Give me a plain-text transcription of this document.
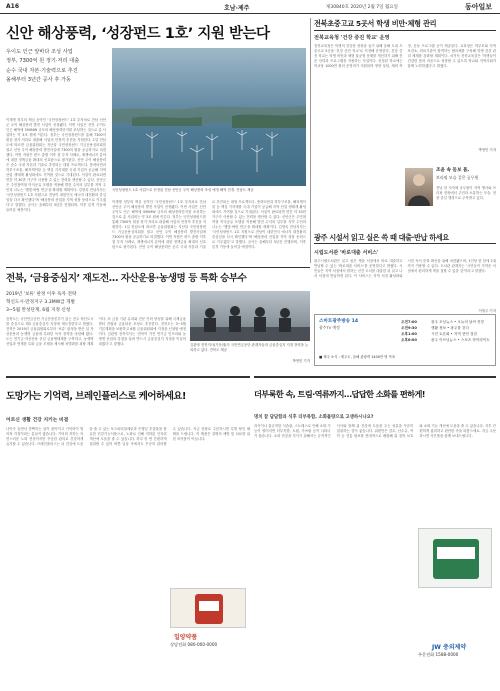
A16	호남·제주	제30840호 2020년 2월 7일 월요일	동아일보
신안 해상풍력, ‘성장펀드 1호’ 지원 받는다
우이도 인근 앞바다 조성 사업
정부, 7300억 원 정기·저리 대출
순수 국내 자본·기술력으로 추진
올해부터 3년간 공사 후 가동
이재명 정부의 핵심 공약인 '국민성장펀드' 1호 투자처로 전남 신안군 우이 해상풍력 발전 사업이 선정됐다. 이번 사업은 신안 우이도 인근 해역에 390MW 규모의 해상풍력단지를 조성하는 것으로 총 사업비는 약 3조 원에 이른다. 정부는 국민성장펀드를 통해 7300억 원을 장기·저리로 대출해 사업의 안정적 추진을 지원한다. 1일 전남도에 따르면 금융위원회는 지난달 국민성장펀드 기금운용심의회를 열고 신안 우이 해상풍력 발전사업에 7300억 원을 공급하기로 의결했다. 이번 지원은 펀드 출범 이후 첫 투자 사례로, 재생에너지 분야에 대한 정책금융 확대의 신호탄으로 평가된다. 신안 우이 해상풍력은 순수 국내 자본과 기술로 추진되는 대형 프로젝트다. 풍력터빈과 하부구조물, 해저케이블 등 핵심 기자재를 국내 기업이 공급해 지역 산업 생태계 활성화에도 기여할 것으로 기대된다. 사업이 완료되면 연간 약 30만 가구가 사용할 수 있는 전력을 생산할 수 있다. 신안군은 주민참여형 이익공유 모델을 적용해 발전 수익의 일부를 지역 주민과 나누는 '햇빛·바람 연금'을 확대할 계획이다. 김영록 전남지사는 '국민성장펀드 1호 지원으로 전남이 대한민국 에너지 대전환의 중심임을 다시 확인했다'며 '해상풍력 산업을 지역 성장 동력으로 키우겠다'고 말했다. 공사는 올해부터 3년간 진행되며, 이후 본격 가동에 들어갈 예정이다.
국민성장펀드 1호 사업으로 선정된 전남 신안군 우이 해상풍력 조성 예정 해역 전경. 전남도 제공
이재명 정부의 핵심 공약인 '국민성장펀드' 1호 투자처로 전남 신안군 우이 해상풍력 발전 사업이 선정됐다. 이번 사업은 신안 우이도 인근 해역에 390MW 규모의 해상풍력단지를 조성하는 것으로 총 사업비는 약 3조 원에 이른다. 정부는 국민성장펀드를 통해 7300억 원을 장기·저리로 대출해 사업의 안정적 추진을 지원한다. 1일 전남도에 따르면 금융위원회는 지난달 국민성장펀드 기금운용심의회를 열고 신안 우이 해상풍력 발전사업에 7300억 원을 공급하기로 의결했다. 이번 지원은 펀드 출범 이후 첫 투자 사례로, 재생에너지 분야에 대한 정책금융 확대의 신호탄으로 평가된다. 신안 우이 해상풍력은 순수 국내 자본과 기술로 추진되는 대형 프로젝트다. 풍력터빈과 하부구조물, 해저케이블 등 핵심 기자재를 국내 기업이 공급해 지역 산업 생태계 활성화에도 기여할 것으로 기대된다. 사업이 완료되면 연간 약 30만 가구가 사용할 수 있는 전력을 생산할 수 있다. 신안군은 주민참여형 이익공유 모델을 적용해 발전 수익의 일부를 지역 주민과 나누는 '햇빛·바람 연금'을 확대할 계획이다. 김영록 전남지사는 '국민성장펀드 1호 지원으로 전남이 대한민국 에너지 대전환의 중심임을 다시 확인했다'며 '해상풍력 산업을 지역 성장 동력으로 키우겠다'고 말했다. 공사는 올해부터 3년간 진행되며, 이후 본격 가동에 들어갈 예정이다.
전북초중고교 5곳서 학생 비만·체형 관리
전북교육청 '건강 증진 학교' 운영
전북교육청은 학생의 건강한 성장을 돕기 위해 올해 도내 초중고교 5곳을 '건강 증진 학교'로 지정해 운영한다. 건강 증진 학교는 학생 비만과 체형 불균형 문제를 개선하기 위해 전문 인력과 프로그램을 지원하는 사업이다. 선정된 학교에는 학교당 1000만 원의 운영비가 지원되며 영양 상담, 체력 측정, 운동 프로그램 등이 제공된다. 교육청은 학부모와 지역 보건소, 의료기관이 참여하는 협의체를 구성해 학생 건강 관리 체계를 강화할 계획이다. 서거석 전북교육감은 '학생들이 건강한 몸과 마음으로 성장할 수 있도록 학교와 지역사회가 함께 노력하겠다'고 밝혔다.
박영민 기자
조윤 속 돋보 몸,
브리핑 모습 같은 공무원
전남 한 지자체 공무원이 지역 행사와 브리핑 현장에서 주민과 소통하는 모습. 현장 중심 행정으로 주목받고 있다.
광주 시설서 읽고 실은 쓱 때 대출·반납 하세요
시립도서관 '바로대출 서비스'
광주시립도서관은 읽고 싶은 책을 서점에서 바로 대출하고 반납할 수 있는 '바로대출 서비스'를 운영한다고 밝혔다. 시민들은 지역 서점에서 원하는 신간 도서를 대출한 뒤 읽고 나서 서점에 반납하면 된다. 이 서비스는 지역 서점 활성화와 시민 독서 문화 확산을 위해 마련됐으며, 1인당 한 달에 2권까지 이용할 수 있다. 도서관 관계자는 '시민들이 가까운 서점에서 편리하게 책을 접할 수 있을 것'이라고 말했다.
이형주 기자
스마트광주방송 14
광주TV 예정
■ 제주 소식 : 제주도, 올해 관광객 1400만 명 목표
오전7:00	광주 모닝뉴스 • 오늘의 날씨 전망
오전9:30	생활 정보 • 광주를 걷다
오후1:00	시민 토론회 • 지역 현안 점검
오후6:00	광주 이브닝뉴스 • 스포츠 하이라이트
전북, ‘금융중심지’ 재도전… 자산운용·농생명 등 특화 승부수
2019년 '보류' 판정 이후 독자 전략
혁신도시·만경지구 3.3MW급 개발
3~5월 완성단계, 6월 지정 신청
전북도는 국민연금공단 기금운용본부가 있는 전주 혁신도시를 중심으로 제3 금융중심지 지정에 재도전한다고 밝혔다. 전북은 2019년 금융위원회로부터 '보류' 판정을 받은 뒤 자산운용과 농생명 금융에 특화한 독자 전략을 마련해 왔다. 도는 연기금·자산운용 중심 금융생태계를 구축하고, 농생명 산업과 연계한 특화 금융 모델을 제시해 차별화를 꾀할 계획이다. 또 금융 기관 유치와 전문 인력 양성을 위해 국제금융센터 건립과 금융타운 조성도 추진한다. 전북도는 3~5월 기본계획을 보완하고 6월 금융위원회에 지정을 신청할 예정이다. 김관영 전북지사는 '전북이 가진 연기금 인프라와 농생명 산업의 강점을 살려 반드시 금융중심지 지정을 이끌어내겠다'고 말했다.	김관영 전북지사(가운데)가 국민연금공단 관계자들과 금융중심지 지정 전략을 논의하고 있다. 전북도 제공
박영민 기자
도망가는 기억력, 브레인플러스로 케어하세요!
어르신 생활 건강 지키는 비결
나이가 들면서 깜빡하는 일이 잦아지고 기억력이 떨어져 걱정이라는 분들이 많습니다. 기억력 저하는 자연스러운 노화 현상이지만 꾸준한 관리로 건강하게 유지할 수 있습니다. 브레인플러스는 뇌 건강에 도움을 줄 수 있는 포스파티딜세린과 은행잎 추출물을 함유한 건강기능식품으로, 노화로 인해 저하된 인지력 개선에 도움을 줄 수 있습니다. 하루 한 번 간편하게 섭취할 수 있어 바쁜 일상 속에서도 꾸준히 관리할 수 있습니다. 지금 전화로 주문하시면 특별 할인 혜택을 드립니다. 이 제품은 질병의 예방 및 치료를 위한 의약품이 아닙니다.
일양약품
상담전화 080-000-0000
더부룩한 속, 트림·역류까지…답답한 소화를 편하게!
명치 끝 답답함과 식후 더부룩함, 소화불량으로 고생하시나요?
과식이나 불규칙한 식습관, 스트레스로 인해 소화 기능이 떨어지면 더부룩함, 트림, 속쓰림 등이 나타나기 쉽습니다. 소화 건강을 지키기 위해서는 규칙적인 식사와 함께 위 건강에 도움을 주는 성분을 꾸준히 섭취하는 것이 좋습니다. 위편안은 감초, 산수유, 작약 등 전통 원료를 현대적으로 배합해 위 점막 보호와 소화 기능 개선에 도움을 줄 수 있습니다. 식후 간편하게 섭취하고 편안한 속을 되찾으세요. 지금 주문하시면 사은품을 함께 보내드립니다.
JW 중외제약
주문전화 1588-0000
